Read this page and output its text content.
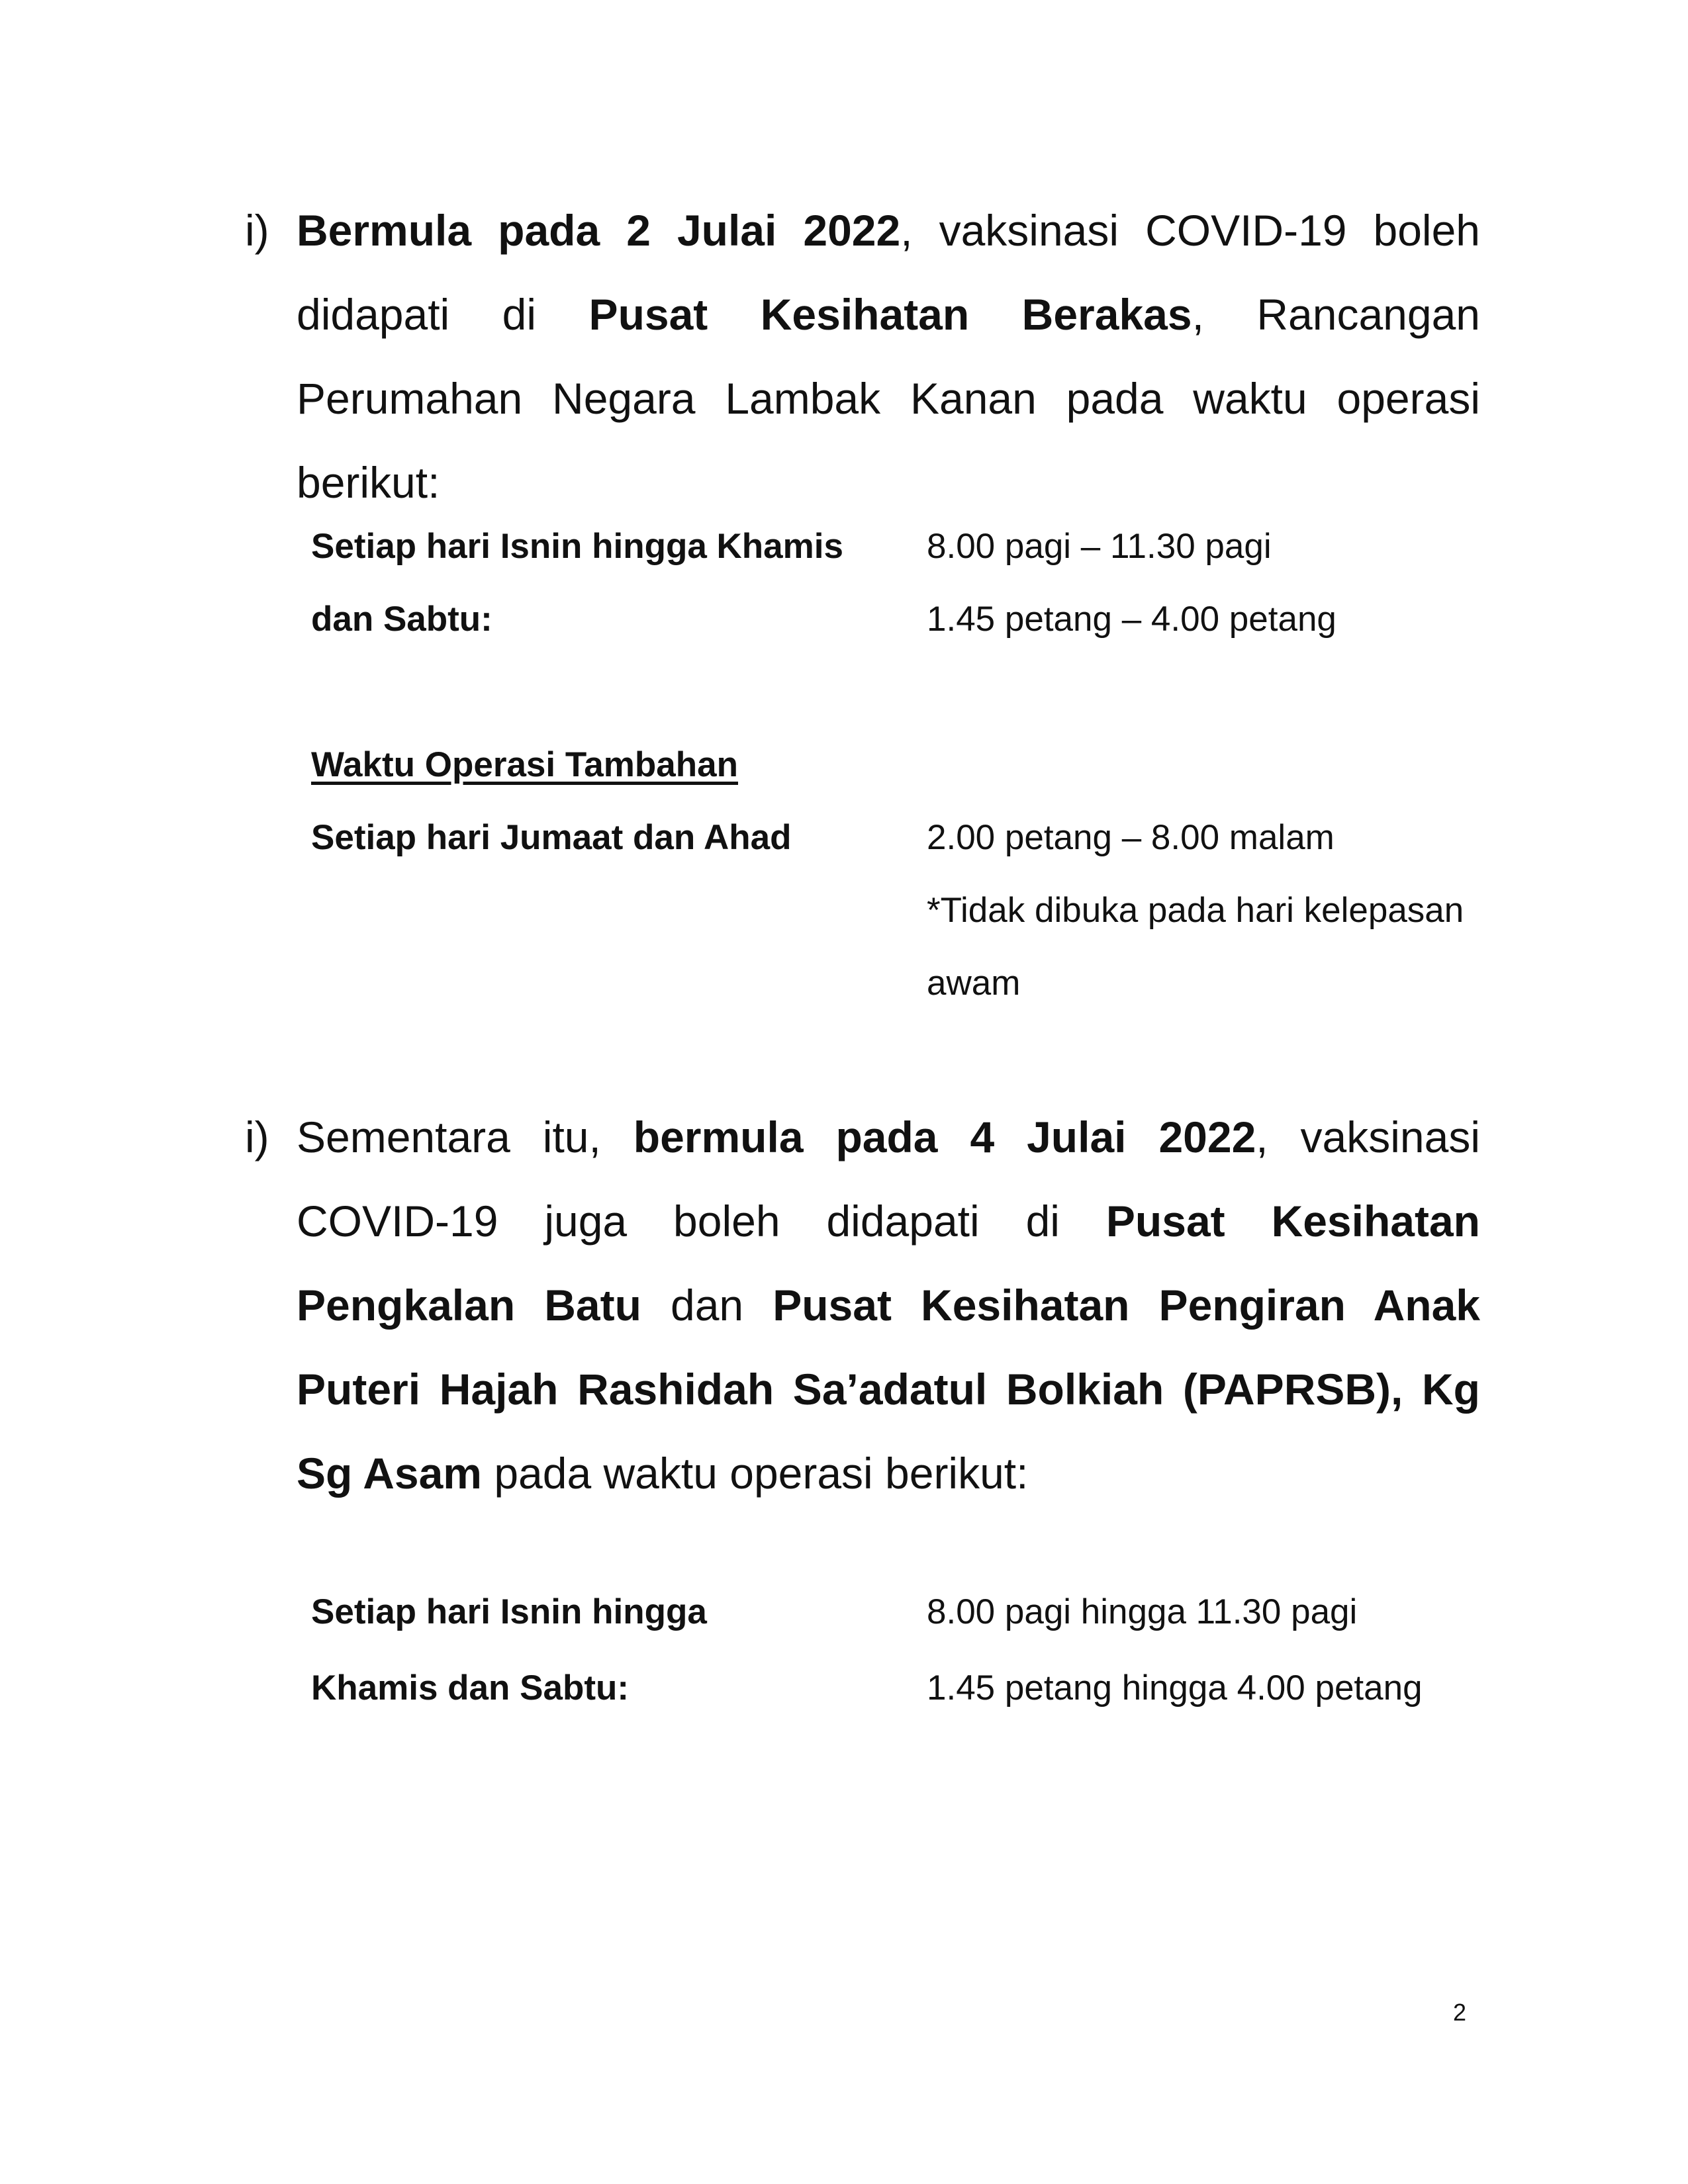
i) Bermula pada 2 Julai 2022, vaksinasi COVID-19 boleh didapati di Pusat Kesihatan Berakas, Rancangan Perumahan Negara Lambak Kanan pada waktu operasi berikut:

Setiap hari Isnin hingga Khamis
dan Sabtu:
8.00 pagi – 11.30 pagi
1.45 petang – 4.00 petang
Waktu Operasi Tambahan
Setiap hari Jumaat dan Ahad	2.00 petang – 8.00 malam
*Tidak dibuka pada hari kelepasan
awam
i) Sementara itu, bermula pada 4 Julai 2022, vaksinasi COVID-19 juga boleh didapati di Pusat Kesihatan Pengkalan Batu dan Pusat Kesihatan Pengiran Anak Puteri Hajah Rashidah Sa’adatul Bolkiah (PAPRSB), Kg Sg Asam pada waktu operasi berikut:

Setiap hari Isnin hingga
Khamis dan Sabtu:
8.00 pagi hingga 11.30 pagi
1.45 petang hingga 4.00 petang
2
